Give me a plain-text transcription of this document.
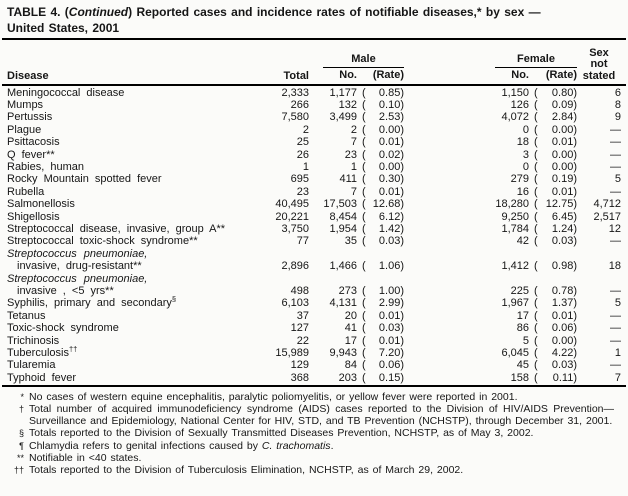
TABLE 4. (Continued) Reported cases and incidence rates of notifiable diseases,* by sex —
United States, 2001
Disease	Total
Male
No.	(Rate)
Female
No.	(Rate)
Sex
not
stated
Meningococcal disease	2,333	1,177 ( 0.85)	1,150 ( 0.80)	6
Mumps	266	132 ( 0.10)	126 ( 0.09)	8
Pertussis	7,580	3,499 ( 2.53)	4,072 ( 2.84)	9
Plague	2	2 ( 0.00)	0 ( 0.00)	—
Psittacosis	25	7 ( 0.01)	18 ( 0.01)	—
Q fever**	26	23 ( 0.02)	3 ( 0.00)	—
Rabies, human	1	1 ( 0.00)	0 ( 0.00)	—
Rocky Mountain spotted fever	695	411 ( 0.30)	279 ( 0.19)	5
Rubella	23	7 ( 0.01)	16 ( 0.01)	—
Salmonellosis	40,495	17,503 ( 12.68)	18,280 ( 12.75)	4,712
Shigellosis	20,221	8,454 ( 6.12)	9,250 ( 6.45)	2,517
Streptococcal disease, invasive, group A**	3,750	1,954 ( 1.42)	1,784 ( 1.24)	12
Streptococcal toxic-shock syndrome**	77	35 ( 0.03)	42 ( 0.03)	—
Streptococcus pneumoniae,
invasive, drug-resistant**	2,896	1,466 ( 1.06)	1,412 ( 0.98)	18
Streptococcus pneumoniae,
invasive , <5 yrs**	498	273 ( 1.00)	225 ( 0.78)	—
Syphilis, primary and secondary§	6,103	4,131 ( 2.99)	1,967 ( 1.37)	5
Tetanus	37	20 ( 0.01)	17 ( 0.01)	—
Toxic-shock syndrome	127	41 ( 0.03)	86 ( 0.06)	—
Trichinosis	22	17 ( 0.01)	5 ( 0.00)	—
Tuberculosis††	15,989	9,943 ( 7.20)	6,045 ( 4.22)	1
Tularemia	129	84 ( 0.06)	45 ( 0.03)	—
Typhoid fever	368	203 ( 0.15)	158 ( 0.11)	7
* No cases of western equine encephalitis, paralytic poliomyelitis, or yellow fever were reported in 2001.
† Total number of acquired immunodeficiency syndrome (AIDS) cases reported to the Division of HIV/AIDS Prevention—Surveillance and Epidemiology, National Center for HIV, STD, and TB Prevention (NCHSTP), through December 31, 2001.
§ Totals reported to the Division of Sexually Transmitted Diseases Prevention, NCHSTP, as of May 3, 2002.
¶ Chlamydia refers to genital infections caused by C. trachomatis.
** Notifiable in <40 states.
†† Totals reported to the Division of Tuberculosis Elimination, NCHSTP, as of March 29, 2002.
